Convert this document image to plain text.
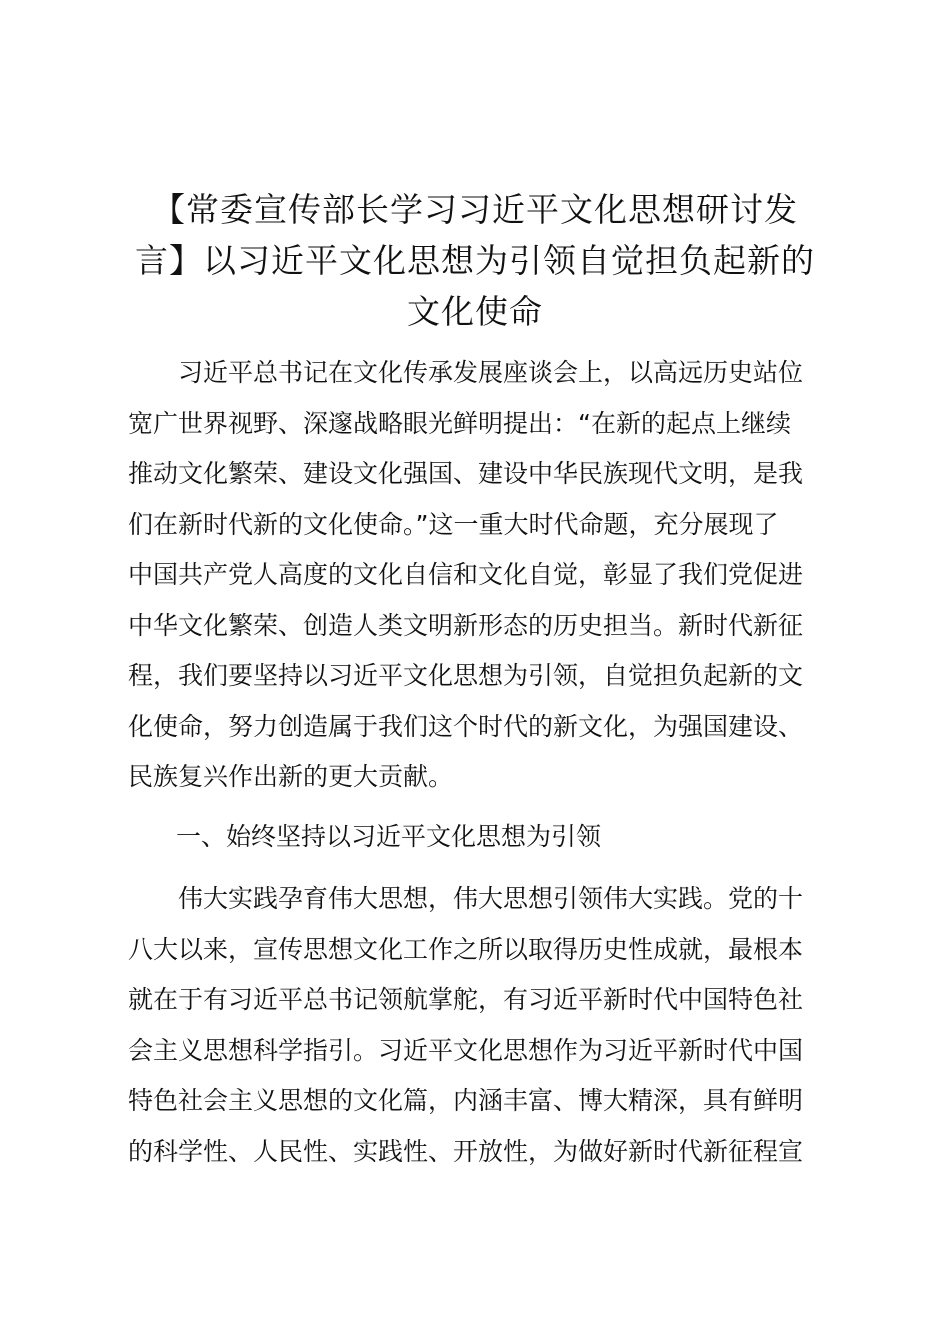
【常委宣传部长学习习近平文化思想研讨发
言】以习近平文化思想为引领自觉担负起新的
文化使命

习近平总书记在文化传承发展座谈会上，以高远历史站位
宽广世界视野、深邃战略眼光鲜明提出：“在新的起点上继续
推动文化繁荣、建设文化强国、建设中华民族现代文明，是我
们在新时代新的文化使命。”这一重大时代命题，充分展现了
中国共产党人高度的文化自信和文化自觉，彰显了我们党促进
中华文化繁荣、创造人类文明新形态的历史担当。新时代新征
程，我们要坚持以习近平文化思想为引领，自觉担负起新的文
化使命，努力创造属于我们这个时代的新文化，为强国建设、
民族复兴作出新的更大贡献。

一、始终坚持以习近平文化思想为引领

伟大实践孕育伟大思想，伟大思想引领伟大实践。党的十
八大以来，宣传思想文化工作之所以取得历史性成就，最根本
就在于有习近平总书记领航掌舵，有习近平新时代中国特色社
会主义思想科学指引。习近平文化思想作为习近平新时代中国
特色社会主义思想的文化篇，内涵丰富、博大精深，具有鲜明
的科学性、人民性、实践性、开放性，为做好新时代新征程宣
